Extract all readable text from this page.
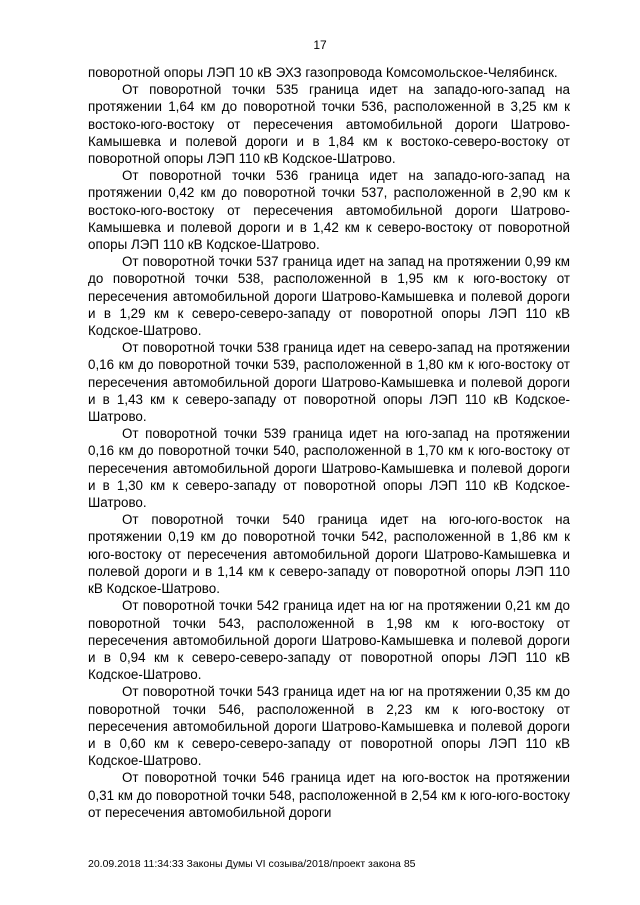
17

поворотной опоры ЛЭП 10 кВ ЭХЗ газопровода Комсомольское-Челябинск.

От поворотной точки 535 граница идет на западо-юго-запад на протяжении 1,64 км до поворотной точки 536, расположенной в 3,25 км к востоко-юго-востоку от пересечения автомобильной дороги Шатрово-Камышевка и полевой дороги и в 1,84 км к востоко-северо-востоку от поворотной опоры ЛЭП 110 кВ Кодское-Шатрово.

От поворотной точки 536 граница идет на западо-юго-запад на протяжении 0,42 км до поворотной точки 537, расположенной в 2,90 км к востоко-юго-востоку от пересечения автомобильной дороги Шатрово-Камышевка и полевой дороги и в 1,42 км к северо-востоку от поворотной опоры ЛЭП 110 кВ Кодское-Шатрово.

От поворотной точки 537 граница идет на запад на протяжении 0,99 км до поворотной точки 538, расположенной в 1,95 км к юго-востоку от пересечения автомобильной дороги Шатрово-Камышевка и полевой дороги и в 1,29 км к северо-северо-западу от поворотной опоры ЛЭП 110 кВ Кодское-Шатрово.

От поворотной точки 538 граница идет на северо-запад на протяжении 0,16 км до поворотной точки 539, расположенной в 1,80 км к юго-востоку от пересечения автомобильной дороги Шатрово-Камышевка и полевой дороги и в 1,43 км к северо-западу от поворотной опоры ЛЭП 110 кВ Кодское-Шатрово.

От поворотной точки 539 граница идет на юго-запад на протяжении 0,16 км до поворотной точки 540, расположенной в 1,70 км к юго-востоку от пересечения автомобильной дороги Шатрово-Камышевка и полевой дороги и в 1,30 км к северо-западу от поворотной опоры ЛЭП 110 кВ Кодское-Шатрово.

От поворотной точки 540 граница идет на юго-юго-восток на протяжении 0,19 км до поворотной точки 542, расположенной в 1,86 км к юго-востоку от пересечения автомобильной дороги Шатрово-Камышевка и полевой дороги и в 1,14 км к северо-западу от поворотной опоры ЛЭП 110 кВ Кодское-Шатрово.

От поворотной точки 542 граница идет на юг на протяжении 0,21 км до поворотной точки 543, расположенной в 1,98 км к юго-востоку от пересечения автомобильной дороги Шатрово-Камышевка и полевой дороги и в 0,94 км к северо-северо-западу от поворотной опоры ЛЭП 110 кВ Кодское-Шатрово.

От поворотной точки 543 граница идет на юг на протяжении 0,35 км до поворотной точки 546, расположенной в 2,23 км к юго-востоку от пересечения автомобильной дороги Шатрово-Камышевка и полевой дороги и в 0,60 км к северо-северо-западу от поворотной опоры ЛЭП 110 кВ Кодское-Шатрово.

От поворотной точки 546 граница идет на юго-восток на протяжении 0,31 км до поворотной точки 548, расположенной в 2,54 км к юго-юго-востоку от пересечения автомобильной дороги

20.09.2018 11:34:33 Законы Думы VI созыва/2018/проект закона 85
